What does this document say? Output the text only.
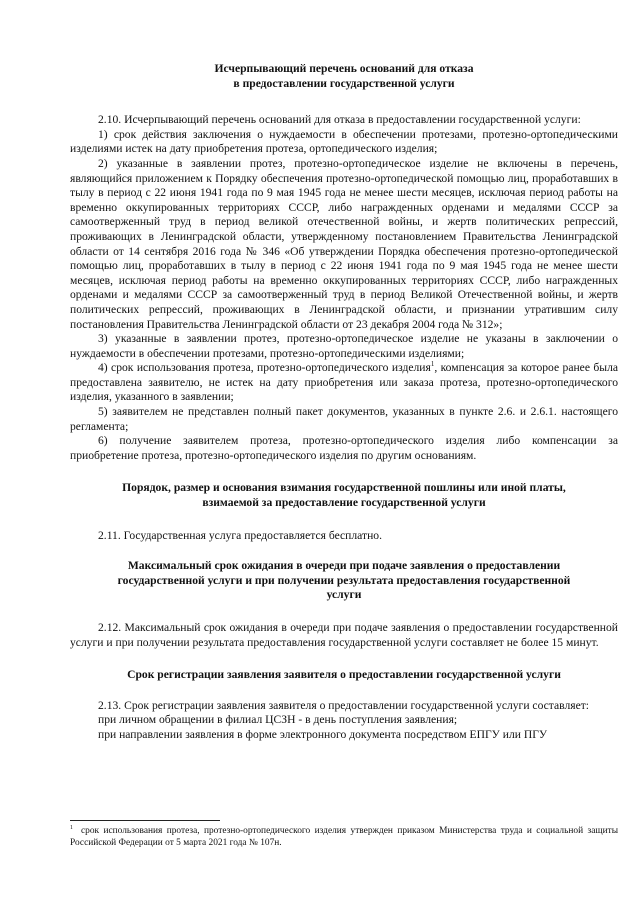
Исчерпывающий перечень оснований для отказа
в предоставлении государственной услуги

2.10. Исчерпывающий перечень оснований для отказа в предоставлении государственной услуги:

1) срок действия заключения о нуждаемости в обеспечении протезами, протезно-ортопедическими изделиями истек на дату приобретения протеза, ортопедического изделия;

2) указанные в заявлении протез, протезно-ортопедическое изделие не включены в перечень, являющийся приложением к Порядку обеспечения протезно-ортопедической помощью лиц, проработавших в тылу в период с 22 июня 1941 года по 9 мая 1945 года не менее шести месяцев, исключая период работы на временно оккупированных территориях СССР, либо награжденных орденами и медалями СССР за самоотверженный труд в период великой отечественной войны, и жертв политических репрессий, проживающих в Ленинградской области, утвержденному постановлением Правительства Ленинградской области от 14 сентября 2016 года № 346 «Об утверждении Порядка обеспечения протезно-ортопедической помощью лиц, проработавших в тылу в период с 22 июня 1941 года по 9 мая 1945 года не менее шести месяцев, исключая период работы на временно оккупированных территориях СССР, либо награжденных орденами и медалями СССР за самоотверженный труд в период Великой Отечественной войны, и жертв политических репрессий, проживающих в Ленинградской области, и признании утратившим силу постановления Правительства Ленинградской области от 23 декабря 2004 года № 312»;

3) указанные в заявлении протез, протезно-ортопедическое изделие не указаны в заключении о нуждаемости в обеспечении протезами, протезно-ортопедическими изделиями;

4) срок использования протеза, протезно-ортопедического изделия$^1$, компенсация за которое ранее была предоставлена заявителю, не истек на дату приобретения или заказа протеза, протезно-ортопедического изделия, указанного в заявлении;

5) заявителем не представлен полный пакет документов, указанных в пункте 2.6. и 2.6.1. настоящего регламента;

6) получение заявителем протеза, протезно-ортопедического изделия либо компенсации за приобретение протеза, протезно-ортопедического изделия по другим основаниям.

Порядок, размер и основания взимания государственной пошлины или иной платы,
взимаемой за предоставление государственной услуги

2.11. Государственная услуга предоставляется бесплатно.

Максимальный срок ожидания в очереди при подаче заявления о предоставлении
государственной услуги и при получении результата предоставления государственной
услуги

2.12. Максимальный срок ожидания в очереди при подаче заявления о предоставлении государственной услуги и при получении результата предоставления государственной услуги составляет не более 15 минут.

Срок регистрации заявления заявителя о предоставлении государственной услуги

2.13. Срок регистрации заявления заявителя о предоставлении государственной услуги составляет:

при личном обращении в филиал ЦСЗН - в день поступления заявления;

при направлении заявления в форме электронного документа посредством ЕПГУ или ПГУ

$^1$ срок использования протеза, протезно-ортопедического изделия утвержден приказом Министерства труда и социальной защиты Российской Федерации от 5 марта 2021 года № 107н.
